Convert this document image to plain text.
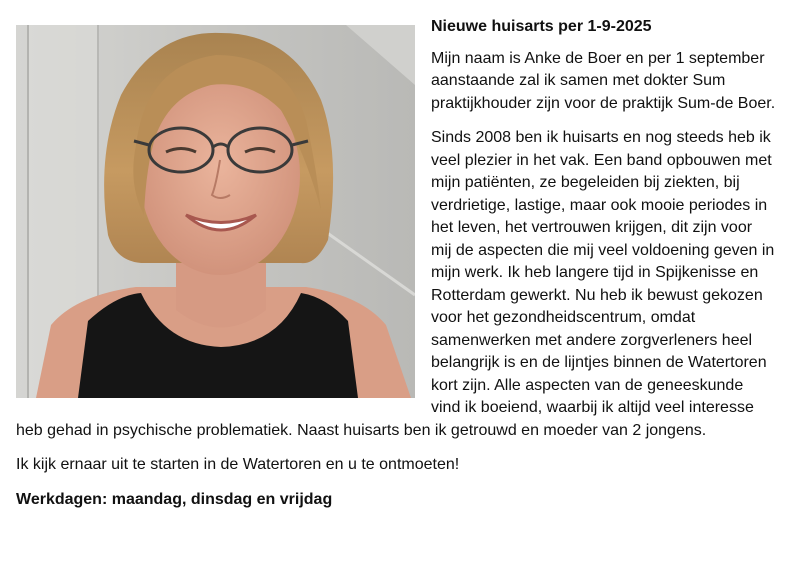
Nieuwe huisarts per 1-9-2025

Mijn naam is Anke de Boer en per 1 september aanstaande zal ik samen met dokter Sum praktijkhouder zijn voor de praktijk Sum-de Boer.

Sinds 2008 ben ik huisarts en nog steeds heb ik veel plezier in het vak. Een band opbouwen met mijn patiënten, ze begeleiden bij ziekten, bij verdrietige, lastige, maar ook mooie periodes in het leven, het vertrouwen krijgen, dit zijn voor mij de aspecten die mij veel voldoening geven in mijn werk. Ik heb langere tijd in Spijkenisse en Rotterdam gewerkt. Nu heb ik bewust gekozen voor het gezondheidscentrum, omdat samenwerken met andere zorgverleners heel belangrijk is en de lijntjes binnen de Watertoren kort zijn. Alle aspecten van de geneeskunde vind ik boeiend, waarbij ik altijd veel interesse heb gehad in psychische problematiek. Naast huisarts ben ik getrouwd en moeder van 2 jongens.

Ik kijk ernaar uit te starten in de Watertoren en u te ontmoeten!

Werkdagen: maandag, dinsdag en vrijdag
